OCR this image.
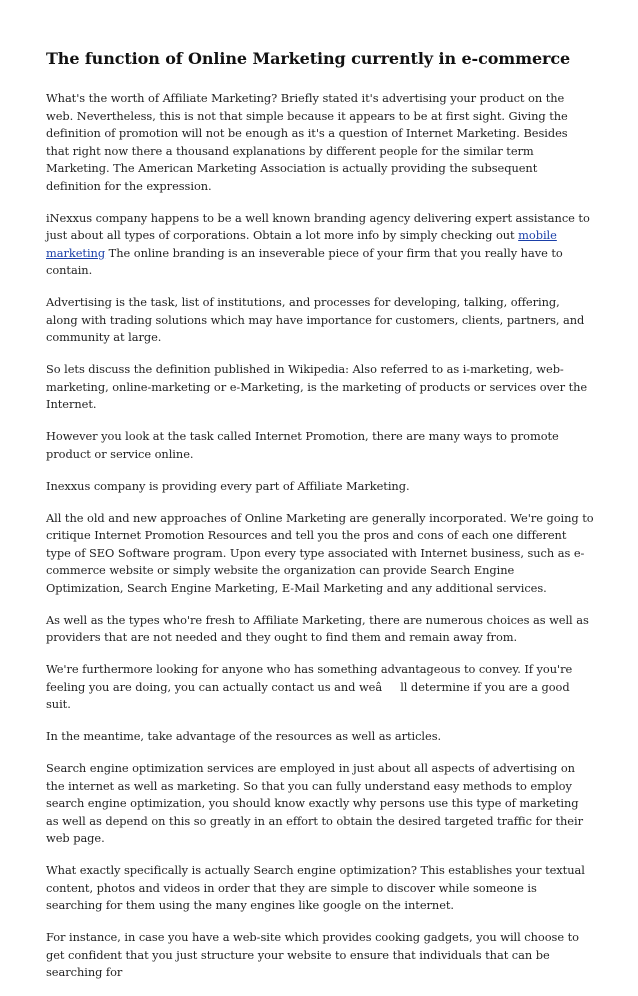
The function of Online Marketing currently in e-commerce

What's the worth of Affiliate Marketing? Briefly stated it's advertising your product on the web. Nevertheless, this is not that simple because it appears to be at first sight. Giving the definition of promotion will not be enough as it's a question of Internet Marketing. Besides that right now there a thousand explanations by different people for the similar term Marketing. The American Marketing Association is actually providing the subsequent definition for the expression.

iNexxus company happens to be a well known branding agency delivering expert assistance to just about all types of corporations. Obtain a lot more info by simply checking out mobile marketing The online branding is an inseverable piece of your firm that you really have to contain.

Advertising is the task, list of institutions, and processes for developing, talking, offering, along with trading solutions which may have importance for customers, clients, partners, and community at large.

So lets discuss the definition published in Wikipedia: Also referred to as i-marketing, web-marketing, online-marketing or e-Marketing, is the marketing of products or services over the Internet.

However you look at the task called Internet Promotion, there are many ways to promote product or service online.

Inexxus company is providing every part of Affiliate Marketing.

All the old and new approaches of Online Marketing are generally incorporated. We're going to critique Internet Promotion Resources and tell you the pros and cons of each one different type of SEO Software program. Upon every type associated with Internet business, such as e-commerce website or simply website the organization can provide Search Engine Optimization, Search Engine Marketing, E-Mail Marketing and any additional services.

As well as the types who're fresh to Affiliate Marketing, there are numerous choices as well as providers that are not needed and they ought to find them and remain away from.

We're furthermore looking for anyone who has something advantageous to convey. If you're feeling you are doing, you can actually contact us and weâll determine if you are a good suit.

In the meantime, take advantage of the resources as well as articles.

Search engine optimization services are employed in just about all aspects of advertising on the internet as well as marketing. So that you can fully understand easy methods to employ search engine optimization, you should know exactly why persons use this type of marketing as well as depend on this so greatly in an effort to obtain the desired targeted traffic for their web page.

What exactly specifically is actually Search engine optimization? This establishes your textual content, photos and videos in order that they are simple to discover while someone is searching for them using the many engines like google on the internet.

For instance, in case you have a web-site which provides cooking gadgets, you will choose to get confident that you just structure your website to ensure that individuals that can be searching for
